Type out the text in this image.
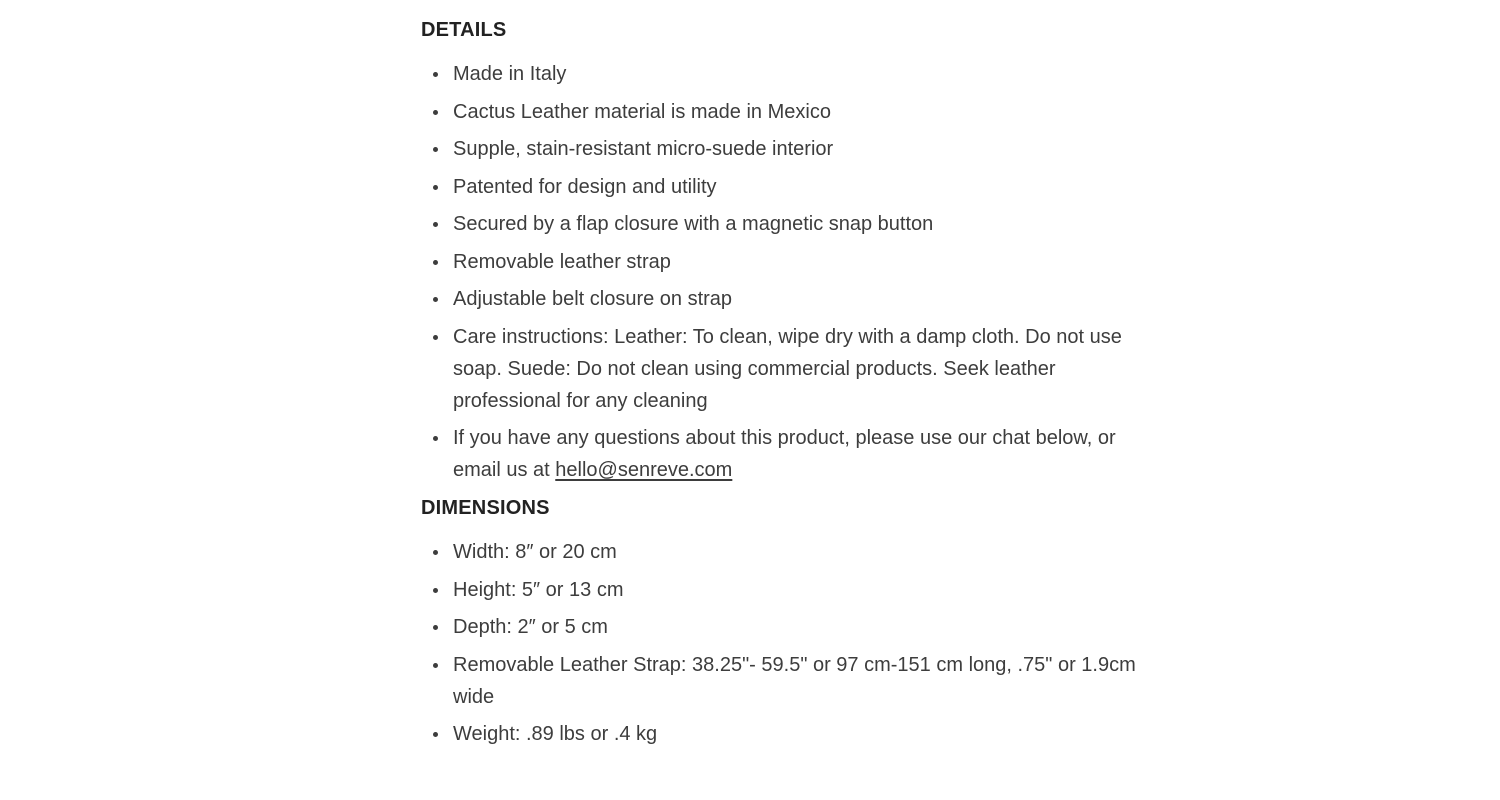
DETAILS
Made in Italy
Cactus Leather material is made in Mexico
Supple, stain-resistant micro-suede interior
Patented for design and utility
Secured by a flap closure with a magnetic snap button
Removable leather strap
Adjustable belt closure on strap
Care instructions: Leather: To clean, wipe dry with a damp cloth. Do not use soap. Suede: Do not clean using commercial products. Seek leather professional for any cleaning
If you have any questions about this product, please use our chat below, or email us at hello@senreve.com
DIMENSIONS
Width: 8″ or 20 cm
Height: 5″ or 13 cm
Depth: 2″ or 5 cm
Removable Leather Strap: 38.25"- 59.5" or 97 cm-151 cm long, .75" or 1.9cm wide
Weight: .89 lbs or .4 kg
